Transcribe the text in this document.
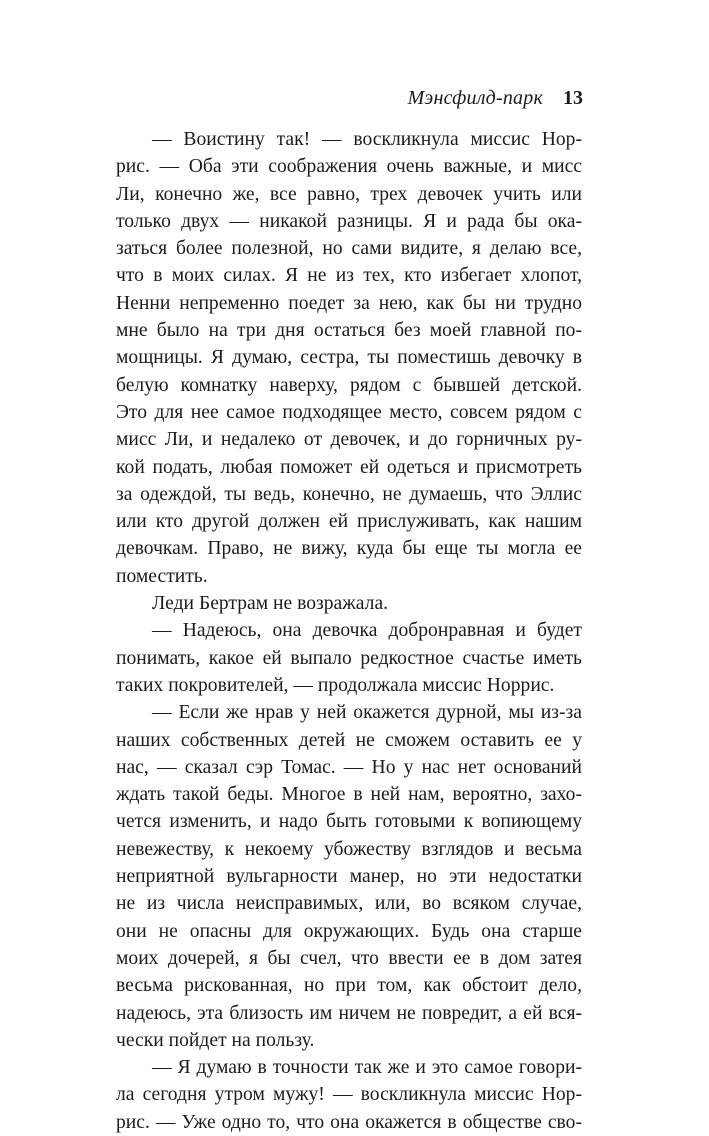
Мэнсфилд-парк 13
— Воистину так! — воскликнула миссис Нор-
рис. — Оба эти соображения очень важные, и мисс
Ли, конечно же, все равно, трех девочек учить или
только двух — никакой разницы. Я и рада бы ока-
заться более полезной, но сами видите, я делаю все,
что в моих силах. Я не из тех, кто избегает хлопот,
Ненни непременно поедет за нею, как бы ни трудно
мне было на три дня остаться без моей главной по-
мощницы. Я думаю, сестра, ты поместишь девочку в
белую комнатку наверху, рядом с бывшей детской.
Это для нее самое подходящее место, совсем рядом с
мисс Ли, и недалеко от девочек, и до горничных ру-
кой подать, любая поможет ей одеться и присмотреть
за одеждой, ты ведь, конечно, не думаешь, что Эллис
или кто другой должен ей прислуживать, как нашим
девочкам. Право, не вижу, куда бы еще ты могла ее
поместить.
Леди Бертрам не возражала.
— Надеюсь, она девочка добронравная и будет
понимать, какое ей выпало редкостное счастье иметь
таких покровителей, — продолжала миссис Норрис.
— Если же нрав у ней окажется дурной, мы из-за
наших собственных детей не сможем оставить ее у
нас, — сказал сэр Томас. — Но у нас нет оснований
ждать такой беды. Многое в ней нам, вероятно, захо-
чется изменить, и надо быть готовыми к вопиющему
невежеству, к некоему убожеству взглядов и весьма
неприятной вульгарности манер, но эти недостатки
не из числа неисправимых, или, во всяком случае,
они не опасны для окружающих. Будь она старше
моих дочерей, я бы счел, что ввести ее в дом затея
весьма рискованная, но при том, как обстоит дело,
надеюсь, эта близость им ничем не повредит, а ей вся-
чески пойдет на пользу.
— Я думаю в точности так же и это самое говори-
ла сегодня утром мужу! — воскликнула миссис Нор-
рис. — Уже одно то, что она окажется в обществе сво-
